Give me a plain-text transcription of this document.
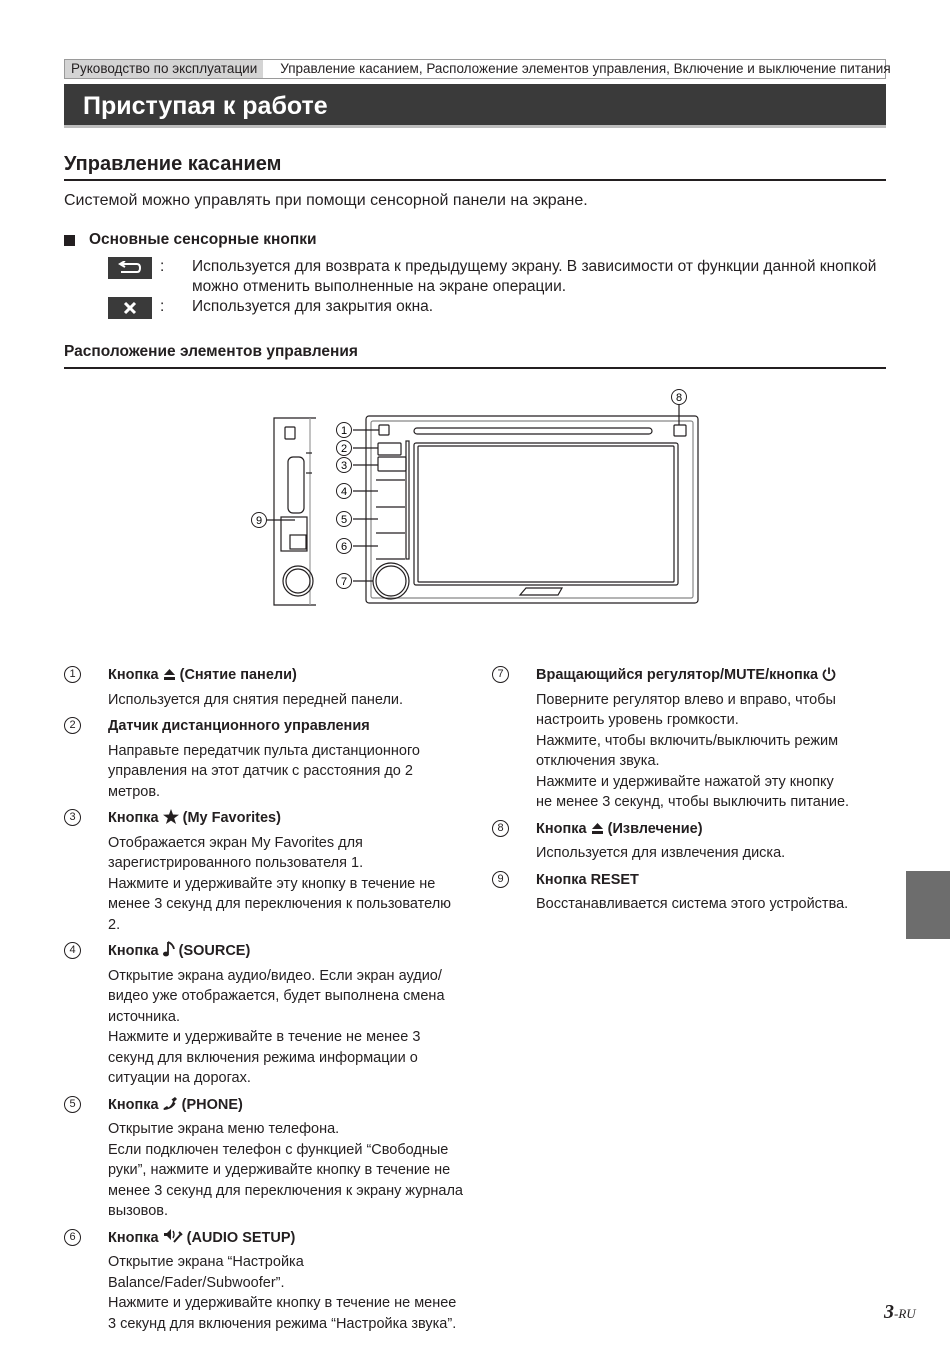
Руководство по эксплуатации	Управление касанием, Расположение элементов управления, Включение и выключение питания
Приступая к работе
Управление касанием
Системой можно управлять при помощи сенсорной панели на экране.
Основные сенсорные кнопки
: Используется для возврата к предыдущему экрану. В зависимости от функции данной кнопкой можно отменить выполненные на экране операции.
: Используется для закрытия окна.
Расположение элементов управления
1
2
3
4
5
6
7
8
9
1	Кнопка (Снятие панели)
Используется для снятия передней панели.
2	Датчик дистанционного управления
Направьте передатчик пульта дистанционного управления на этот датчик с расстояния до 2 метров.
3	Кнопка (My Favorites)
Отображается экран My Favorites для зарегистрированного пользователя 1.
Нажмите и удерживайте эту кнопку в течение не менее 3 секунд для переключения к пользователю 2.
4	Кнопка (SOURCE)
Открытие экрана аудио/видео. Если экран аудио/видео уже отображается, будет выполнена смена источника.
Нажмите и удерживайте в течение не менее 3 секунд для включения режима информации о ситуации на дорогах.
5	Кнопка (PHONE)
Открытие экрана меню телефона.
Если подключен телефон с функцией “Свободные руки”, нажмите и удерживайте кнопку в течение не менее 3 секунд для переключения к экрану журнала вызовов.
6	Кнопка (AUDIO SETUP)
Открытие экрана “Настройка Balance/Fader/Subwoofer”.
Нажмите и удерживайте кнопку в течение не менее 3 секунд для включения режима “Настройка звука”.
7	Вращающийся регулятор/MUTE/кнопка
Поверните регулятор влево и вправо, чтобы настроить уровень громкости.
Нажмите, чтобы включить/выключить режим отключения звука.
Нажмите и удерживайте нажатой эту кнопку не менее 3 секунд, чтобы выключить питание.
8	Кнопка (Извлечение)
Используется для извлечения диска.
9	Кнопка RESET
Восстанавливается система этого устройства.
3-RU
